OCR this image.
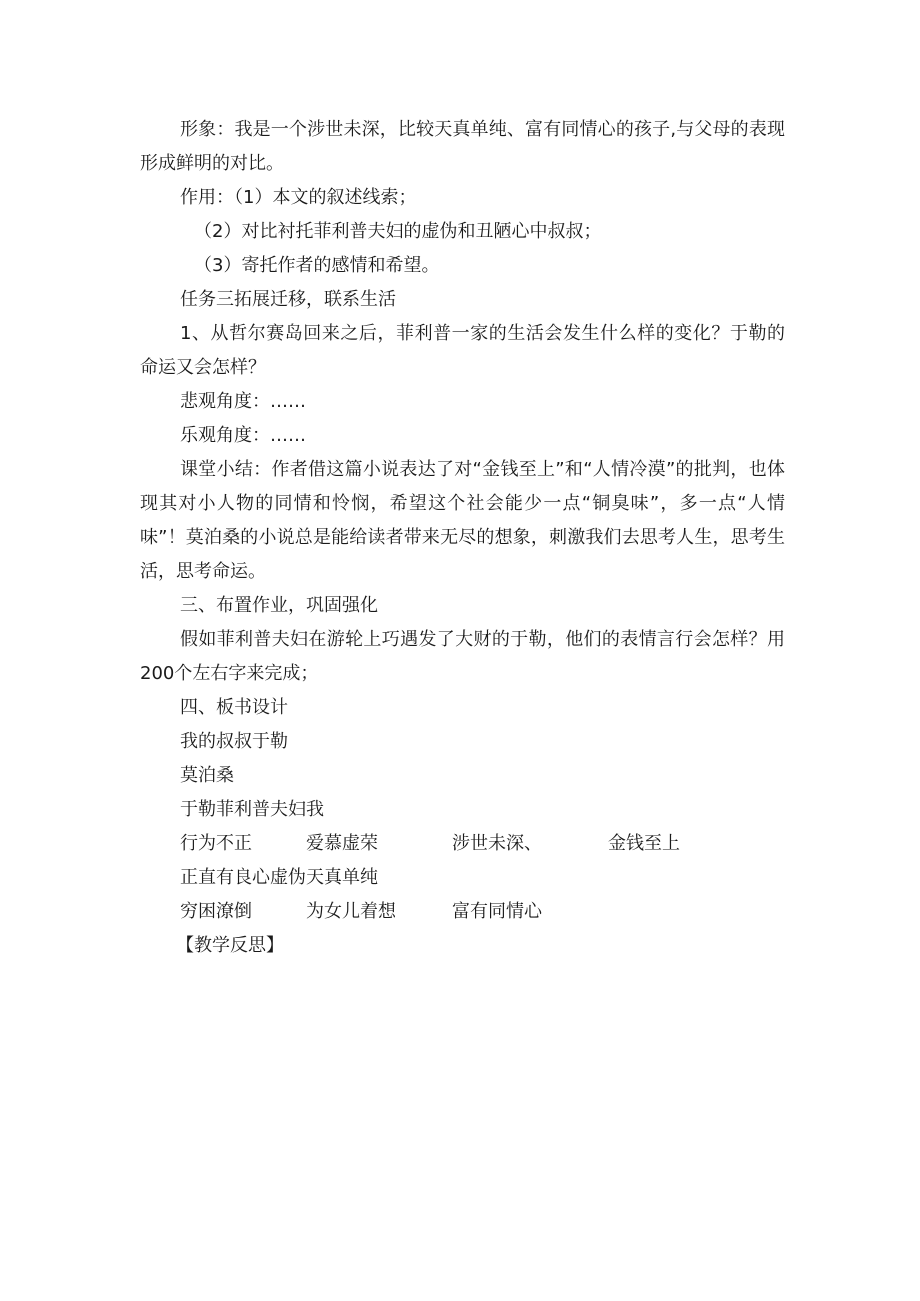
形象：我是一个涉世未深，比较天真单纯、富有同情心的孩子,与父母的表现形成鲜明的对比。

作用：（1）本文的叙述线索；

（2）对比衬托菲利普夫妇的虚伪和丑陋心中叔叔；

（3）寄托作者的感情和希望。

任务三拓展迁移，联系生活

1、从哲尔赛岛回来之后，菲利普一家的生活会发生什么样的变化？于勒的命运又会怎样？

悲观角度：……

乐观角度：……

课堂小结：作者借这篇小说表达了对“金钱至上”和“人情冷漠”的批判，也体现其对小人物的同情和怜悯，希望这个社会能少一点“铜臭味”，多一点“人情味”！莫泊桑的小说总是能给读者带来无尽的想象，刺激我们去思考人生，思考生活，思考命运。

三、布置作业，巩固强化

假如菲利普夫妇在游轮上巧遇发了大财的于勒，他们的表情言行会怎样？用200个左右字来完成；

四、板书设计

我的叔叔于勒

莫泊桑

于勒菲利普夫妇我

行为不正	爱慕虚荣	涉世未深、	金钱至上

正直有良心虚伪天真单纯

穷困潦倒	为女儿着想	富有同情心

【教学反思】
